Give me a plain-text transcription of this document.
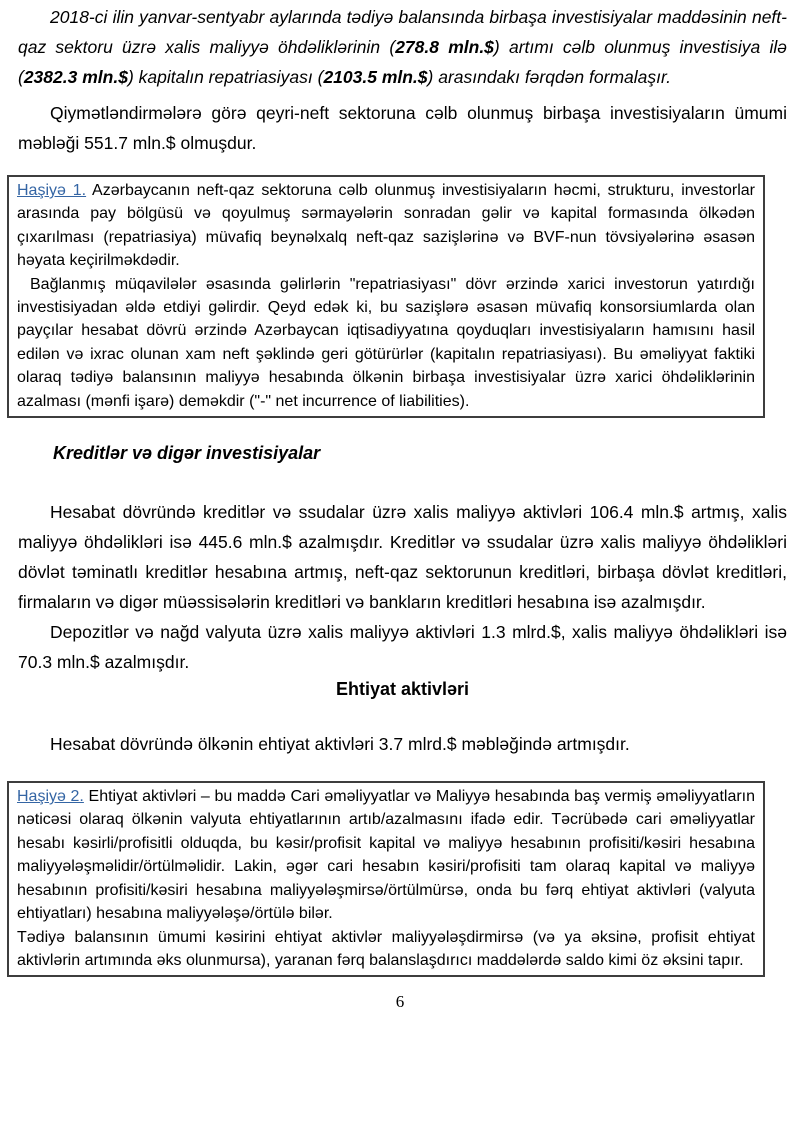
2018-ci ilin yanvar-sentyabr aylarında tədiyə balansında birbaşa investisiyalar maddəsinin neft-qaz sektoru üzrə xalis maliyyə öhdəliklərinin (278.8 mln.$) artımı cəlb olunmuş investisiya ilə (2382.3 mln.$) kapitalın repatriasiyası (2103.5 mln.$) arasındakı fərqdən formalaşır.

Qiymətləndirmələrə görə qeyri-neft sektoruna cəlb olunmuş birbaşa investisiyaların ümumi məbləği 551.7 mln.$ olmuşdur.

Haşiyə 1. Azərbaycanın neft-qaz sektoruna cəlb olunmuş investisiyaların həcmi, strukturu, investorlar arasında pay bölgüsü və qoyulmuş sərmayələrin sonradan gəlir və kapital formasında ölkədən çıxarılması (repatriasiya) müvafiq beynəlxalq neft-qaz sazişlərinə və BVF-nun tövsiyələrinə əsasən həyata keçirilməkdədir.

Bağlanmış müqavilələr əsasında gəlirlərin "repatriasiyası" dövr ərzində xarici investorun yatırdığı investisiyadan əldə etdiyi gəlirdir. Qeyd edək ki, bu sazişlərə əsasən müvafiq konsorsiumlarda olan payçılar hesabat dövrü ərzində Azərbaycan iqtisadiyyatına qoyduqları investisiyaların hamısını hasil edilən və ixrac olunan xam neft şəklində geri götürürlər (kapitalın repatriasiyası). Bu əməliyyat faktiki olaraq tədiyə balansının maliyyə hesabında ölkənin birbaşa investisiyalar üzrə xarici öhdəliklərinin azalması (mənfi işarə) deməkdir ("-" net incurrence of liabilities).

Kreditlər və digər investisiyalar

Hesabat dövründə kreditlər və ssudalar üzrə xalis maliyyə aktivləri 106.4 mln.$ artmış, xalis maliyyə öhdəlikləri isə 445.6 mln.$ azalmışdır. Kreditlər və ssudalar üzrə xalis maliyyə öhdəlikləri dövlət təminatlı kreditlər hesabına artmış, neft-qaz sektorunun kreditləri, birbaşa dövlət kreditləri, firmaların və digər müəssisələrin kreditləri və bankların kreditləri hesabına isə azalmışdır.

Depozitlər və nağd valyuta üzrə xalis maliyyə aktivləri 1.3 mlrd.$, xalis maliyyə öhdəlikləri isə 70.3 mln.$ azalmışdır.

Ehtiyat aktivləri

Hesabat dövründə ölkənin ehtiyat aktivləri 3.7 mlrd.$ məbləğində artmışdır.

Haşiyə 2. Ehtiyat aktivləri – bu maddə Cari əməliyyatlar və Maliyyə hesabında baş vermiş əməliyyatların nəticəsi olaraq ölkənin valyuta ehtiyatlarının artıb/azalmasını ifadə edir. Təcrübədə cari əməliyyatlar hesabı kəsirli/profisitli olduqda, bu kəsir/profisit kapital və maliyyə hesabının profisiti/kəsiri hesabına maliyyələşməlidir/örtülməlidir. Lakin, əgər cari hesabın kəsiri/profisiti tam olaraq kapital və maliyyə hesabının profisiti/kəsiri hesabına maliyyələşmirsə/örtülmürsə, onda bu fərq ehtiyat aktivləri (valyuta ehtiyatları) hesabına maliyyələşə/örtülə bilər.

Tədiyə balansının ümumi kəsirini ehtiyat aktivlər maliyyələşdirmirsə (və ya əksinə, profisit ehtiyat aktivlərin artımında əks olunmursa), yaranan fərq balanslaşdırıcı maddələrdə saldo kimi öz əksini tapır.

6
